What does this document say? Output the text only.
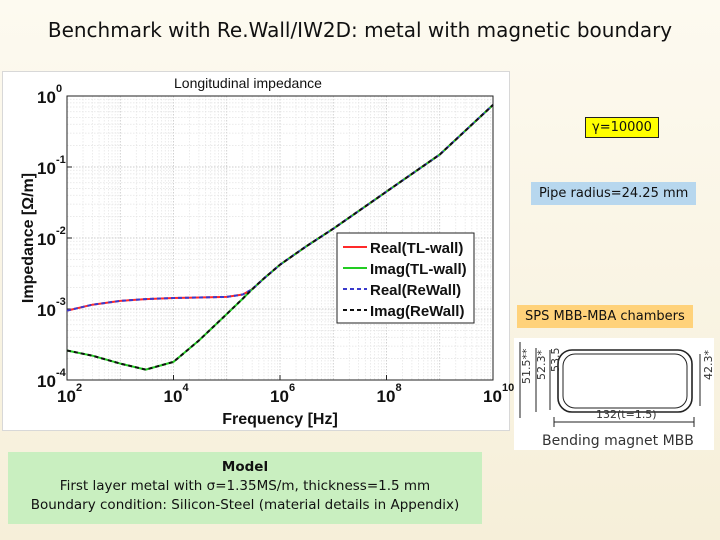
Benchmark with Re.Wall/IW2D: metal with magnetic boundary
10 2	10 4	10 6	10 8	10 10
10 -4
10 -3
10 -2
10 -1
10 0
Frequency [Hz]
Impedance [Ω/m]	Real(TL-wall)
Imag(TL-wall)
Real(ReWall)
Imag(ReWall)
Longitudinal impedance
γ=10000
Pipe radius=24.25 mm
SPS MBB-MBA chambers
51.5** 52.3* 53.5	42.3*
132(t=1.5)
Bending magnet MBB
Model
First layer metal with σ=1.35MS/m, thickness=1.5 mm
Boundary condition: Silicon-Steel (material details in Appendix)
